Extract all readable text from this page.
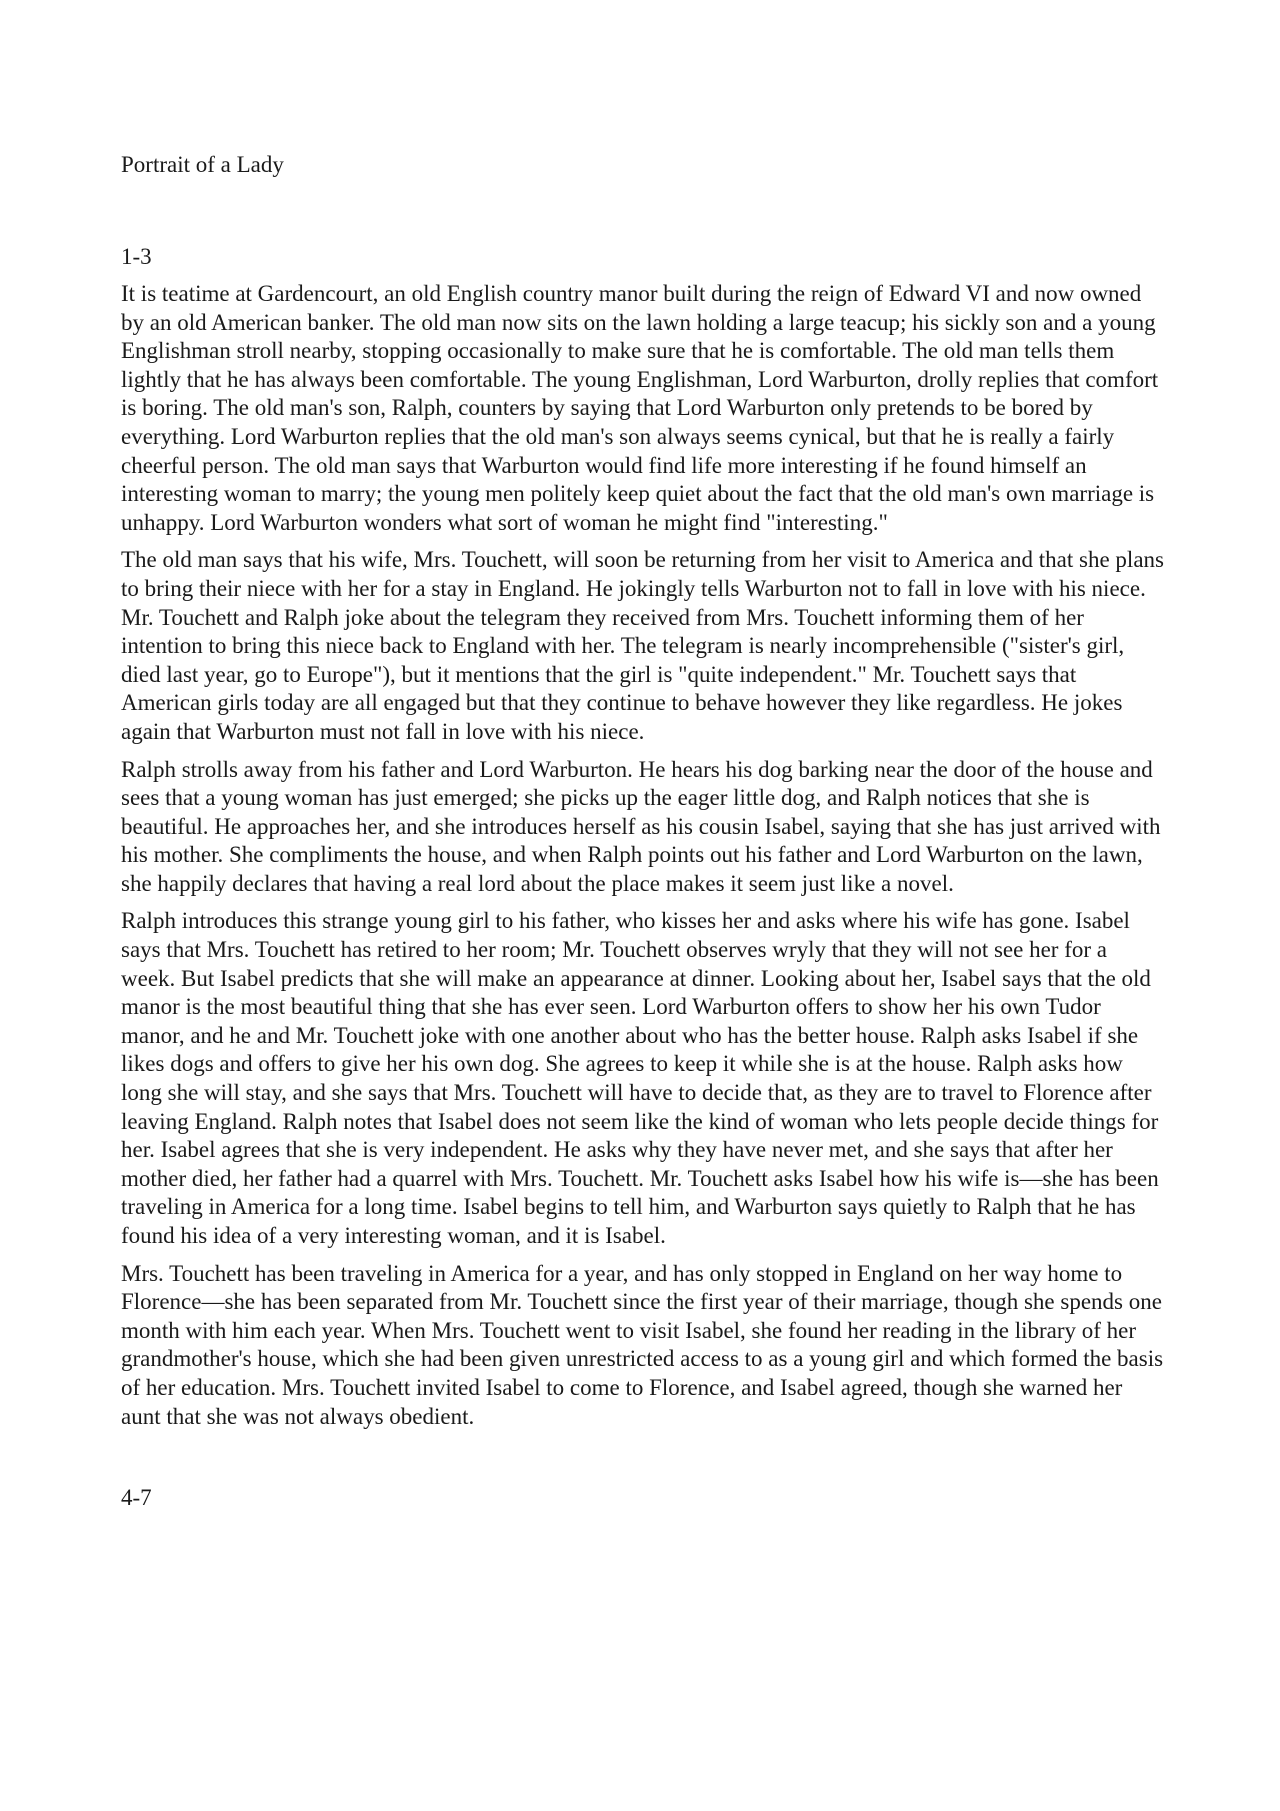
Portrait of a Lady
1-3

It is teatime at Gardencourt, an old English country manor built during the reign of Edward VI and now owned by an old American banker. The old man now sits on the lawn holding a large teacup; his sickly son and a young Englishman stroll nearby, stopping occasionally to make sure that he is comfortable. The old man tells them lightly that he has always been comfortable. The young Englishman, Lord Warburton, drolly replies that comfort is boring. The old man's son, Ralph, counters by saying that Lord Warburton only pretends to be bored by everything. Lord Warburton replies that the old man's son always seems cynical, but that he is really a fairly cheerful person. The old man says that Warburton would find life more interesting if he found himself an interesting woman to marry; the young men politely keep quiet about the fact that the old man's own marriage is unhappy. Lord Warburton wonders what sort of woman he might find "interesting."

The old man says that his wife, Mrs. Touchett, will soon be returning from her visit to America and that she plans to bring their niece with her for a stay in England. He jokingly tells Warburton not to fall in love with his niece. Mr. Touchett and Ralph joke about the telegram they received from Mrs. Touchett informing them of her intention to bring this niece back to England with her. The telegram is nearly incomprehensible ("sister's girl, died last year, go to Europe"), but it mentions that the girl is "quite independent." Mr. Touchett says that American girls today are all engaged but that they continue to behave however they like regardless. He jokes again that Warburton must not fall in love with his niece.

Ralph strolls away from his father and Lord Warburton. He hears his dog barking near the door of the house and sees that a young woman has just emerged; she picks up the eager little dog, and Ralph notices that she is beautiful. He approaches her, and she introduces herself as his cousin Isabel, saying that she has just arrived with his mother. She compliments the house, and when Ralph points out his father and Lord Warburton on the lawn, she happily declares that having a real lord about the place makes it seem just like a novel.

Ralph introduces this strange young girl to his father, who kisses her and asks where his wife has gone. Isabel says that Mrs. Touchett has retired to her room; Mr. Touchett observes wryly that they will not see her for a week. But Isabel predicts that she will make an appearance at dinner. Looking about her, Isabel says that the old manor is the most beautiful thing that she has ever seen. Lord Warburton offers to show her his own Tudor manor, and he and Mr. Touchett joke with one another about who has the better house. Ralph asks Isabel if she likes dogs and offers to give her his own dog. She agrees to keep it while she is at the house. Ralph asks how long she will stay, and she says that Mrs. Touchett will have to decide that, as they are to travel to Florence after leaving England. Ralph notes that Isabel does not seem like the kind of woman who lets people decide things for her. Isabel agrees that she is very independent. He asks why they have never met, and she says that after her mother died, her father had a quarrel with Mrs. Touchett. Mr. Touchett asks Isabel how his wife is—she has been traveling in America for a long time. Isabel begins to tell him, and Warburton says quietly to Ralph that he has found his idea of a very interesting woman, and it is Isabel.

Mrs. Touchett has been traveling in America for a year, and has only stopped in England on her way home to Florence—she has been separated from Mr. Touchett since the first year of their marriage, though she spends one month with him each year. When Mrs. Touchett went to visit Isabel, she found her reading in the library of her grandmother's house, which she had been given unrestricted access to as a young girl and which formed the basis of her education. Mrs. Touchett invited Isabel to come to Florence, and Isabel agreed, though she warned her aunt that she was not always obedient.

4-7
